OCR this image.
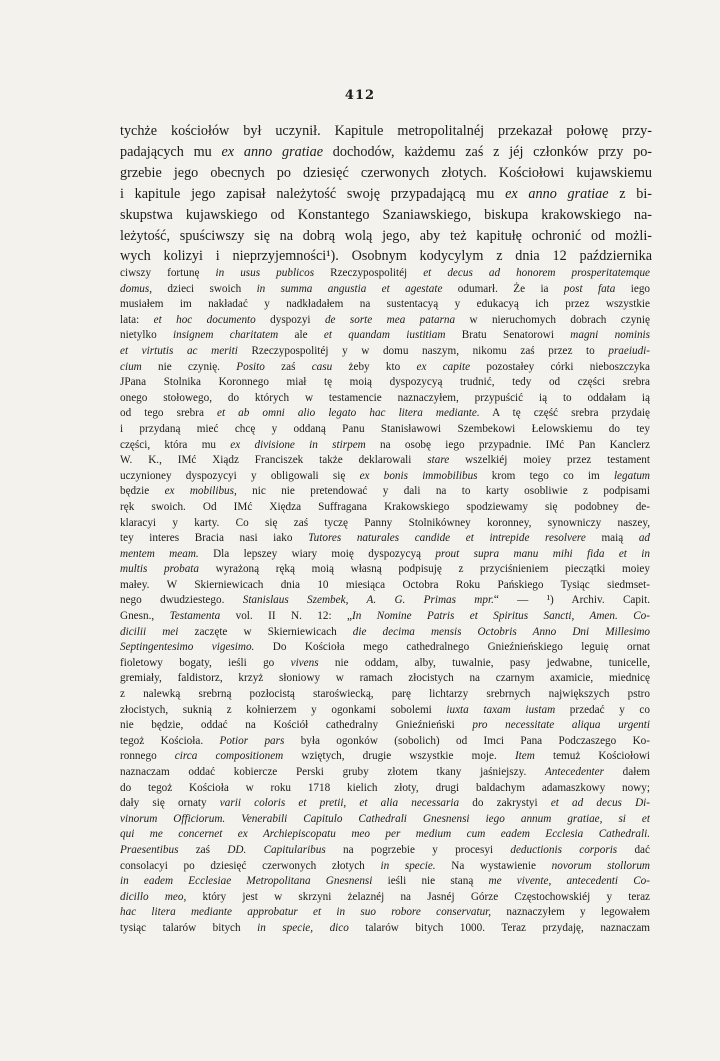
412
tychże kościołów był uczynił. Kapitule metropolitalnéj przekazał połowę przy-
padających mu ex anno gratiae dochodów, każdemu zaś z jéj członków przy po-
grzebie jego obecnych po dziesięć czerwonych złotych. Kościołowi kujawskiemu
i kapitule jego zapisał należytość swoję przypadającą mu ex anno gratiae z bi-
skupstwa kujawskiego od Konstantego Szaniawskiego, biskupa krakowskiego na-
leżytość, spuściwszy się na dobrą wolą jego, aby też kapitułę ochronić od możli-
wych kolizyi i nieprzyjemności¹). Osobnym kodycylym z dnia 12 października
ciwszy fortunę in usus publicos Rzeczypospolitéj et decus ad honorem prosperitatemque
domus, dzieci swoich in summa angustia et agestate odumarł. Że ia post fata iego
musiałem im nakładać y nadkładałem na sustentacyą y edukacyą ich przez wszystkie
lata: et hoc documento dyspozyi de sorte mea patarna w nieruchomych dobrach czynię
nietylko insignem charitatem ale et quandam iustitiam Bratu Senatorowi magni nominis
et virtutis ac meriti Rzeczypospolitéj y w domu naszym, nikomu zaś przez to praeiudi-
cium nie czynię. Posito zaś casu żeby kto ex capite pozostałey córki nieboszczyka
JPana Stolnika Koronnego miał tę moią dyspozycyą trudnić, tedy od części srebra
onego stołowego, do których w testamencie naznaczyłem, przypuścić ią to oddałam ią
od tego srebra et ab omni alio legato hac litera mediante. A tę część srebra przydaię
i przydaną mieć chcę y oddaną Panu Stanisławowi Szembekowi Łelowskiemu do tey
części, która mu ex divisione in stirpem na osobę iego przypadnie. IMć Pan Kanclerz
W. K., IMć Xiądz Franciszek także deklarowali stare wszelkiéj moiey przez testament
uczynioney dyspozycyi y obligowali się ex bonis immobilibus krom tego co im legatum
będzie ex mobilibus, nic nie pretendować y dali na to karty osobliwie z podpisami
ręk swoich. Od IMć Xiędza Suffragana Krakowskiego spodziewamy się podobney de-
klaracyi y karty. Co się zaś tyczę Panny Stolnikówney koronney, synowniczy naszey,
tey interes Bracia nasi iako Tutores naturales candide et intrepide resolvere maią ad
mentem meam. Dla lepszey wiary moię dyspozycyą prout supra manu mihi fida et in
multis probata wyrażoną ręką moią własną podpisuję z przyciśnieniem pieczątki moiey
małey. W Skierniewicach dnia 10 miesiąca Octobra Roku Pańskiego Tysiąc siedmset-
nego dwudziestego. Stanislaus Szembek, A. G. Primas mpr.“ — ¹) Archiv. Capit.
Gnesn., Testamenta vol. II N. 12: „In Nomine Patris et Spiritus Sancti, Amen. Co-
dicilii mei zaczęte w Skierniewicach die decima mensis Octobris Anno Dni Millesimo
Septingentesimo vigesimo. Do Kościoła mego cathedralnego Gnieźnieńskiego leguię ornat
fioletowy bogaty, ieśli go vivens nie oddam, alby, tuwalnie, pasy jedwabne, tunicelle,
gremiały, faldistorz, krzyż słoniowy w ramach złocistych na czarnym axamicie, miednicę
z nalewką srebrną pozłocistą staroświecką, parę lichtarzy srebrnych największych pstro
złocistych, suknią z kołnierzem y ogonkami sobolemi iuxta taxam iustam przedać y co
nie będzie, oddać na Kościół cathedralny Gnieźnieński pro necessitate aliqua urgenti
tegoż Kościoła. Potior pars była ogonków (sobolich) od Imci Pana Podczaszego Ko-
ronnego circa compositionem wziętych, drugie wszystkie moje. Item temuż Kościołowi
naznaczam oddać kobiercze Perski gruby złotem tkany jaśniejszy. Antecedenter dałem
do tegoż Kościoła w roku 1718 kielich złoty, drugi baldachym adamaszkowy nowy;
dały się ornaty varii coloris et pretii, et alia necessaria do zakrystyi et ad decus Di-
vinorum Officiorum. Venerabili Capitulo Cathedrali Gnesnensi iego annum gratiae, si et
qui me concernet ex Archiepiscopatu meo per medium cum eadem Ecclesia Cathedrali.
Praesentibus zaś DD. Capitularibus na pogrzebie y procesyi deductionis corporis dać
consolacyi po dziesięć czerwonych złotych in specie. Na wystawienie novorum stollorum
in eadem Ecclesiae Metropolitana Gnesnensi ieśli nie staną me vivente, antecedenti Co-
dicillo meo, który jest w skrzyni żelaznéj na Jasnéj Górze Częstochowskiéj y teraz
hac litera mediante approbatur et in suo robore conservatur, naznaczyłem y legowałem
tysiąc talarów bitych in specie, dico talarów bitych 1000. Teraz przydaję, naznaczam
